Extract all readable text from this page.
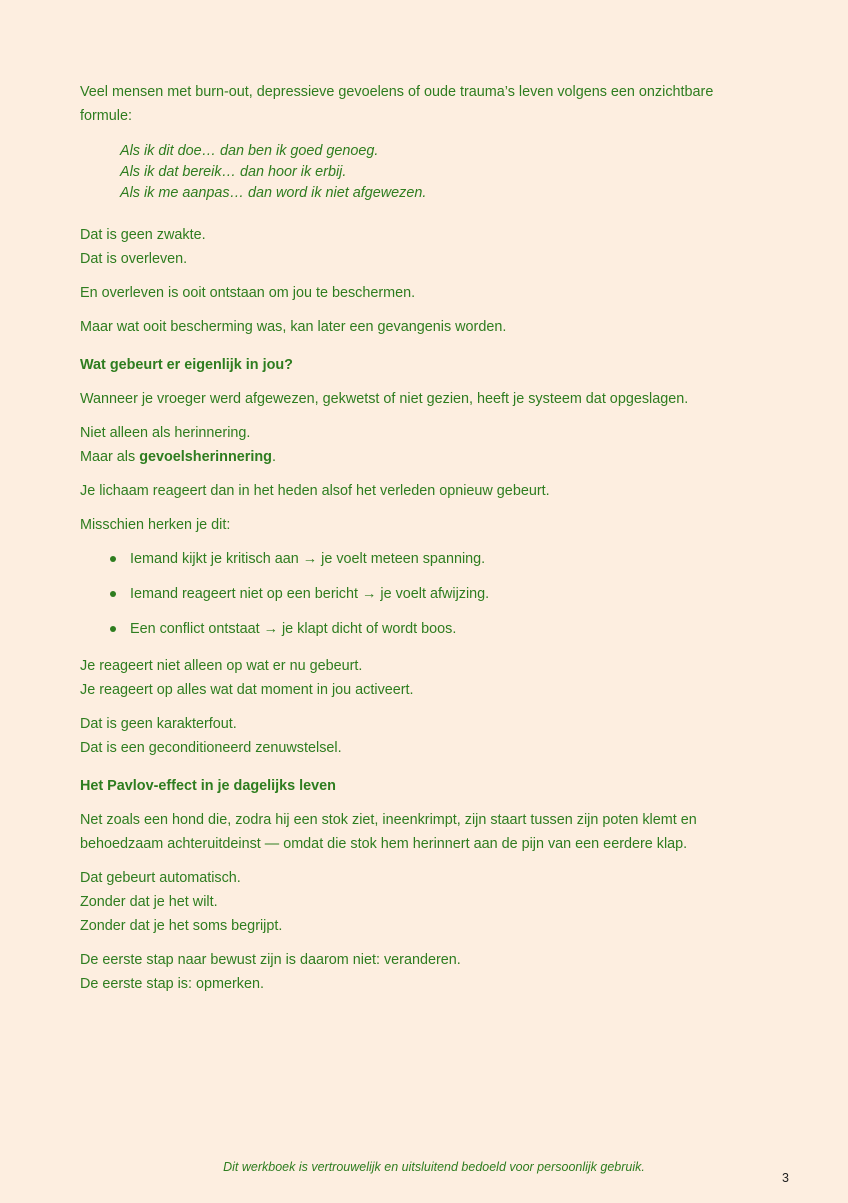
Veel mensen met burn-out, depressieve gevoelens of oude trauma’s leven volgens een onzichtbare
formule:

Als ik dit doe… dan ben ik goed genoeg.
Als ik dat bereik… dan hoor ik erbij.
Als ik me aanpas… dan word ik niet afgewezen.

Dat is geen zwakte.
Dat is overleven.

En overleven is ooit ontstaan om jou te beschermen.

Maar wat ooit bescherming was, kan later een gevangenis worden.

Wat gebeurt er eigenlijk in jou?

Wanneer je vroeger werd afgewezen, gekwetst of niet gezien, heeft je systeem dat opgeslagen.

Niet alleen als herinnering.
Maar als gevoelsherinnering.

Je lichaam reageert dan in het heden alsof het verleden opnieuw gebeurt.

Misschien herken je dit:

Iemand kijkt je kritisch aan → je voelt meteen spanning.
Iemand reageert niet op een bericht → je voelt afwijzing.
Een conflict ontstaat → je klapt dicht of wordt boos.

Je reageert niet alleen op wat er nu gebeurt.
Je reageert op alles wat dat moment in jou activeert.

Dat is geen karakterfout.
Dat is een geconditioneerd zenuwstelsel.

Het Pavlov-effect in je dagelijks leven

Net zoals een hond die, zodra hij een stok ziet, ineenkrimpt, zijn staart tussen zijn poten klemt en
behoedzaam achteruitdeinst — omdat die stok hem herinnert aan de pijn van een eerdere klap.

Dat gebeurt automatisch.
Zonder dat je het wilt.
Zonder dat je het soms begrijpt.

De eerste stap naar bewust zijn is daarom niet: veranderen.
De eerste stap is: opmerken.

Dit werkboek is vertrouwelijk en uitsluitend bedoeld voor persoonlijk gebruik.
3
